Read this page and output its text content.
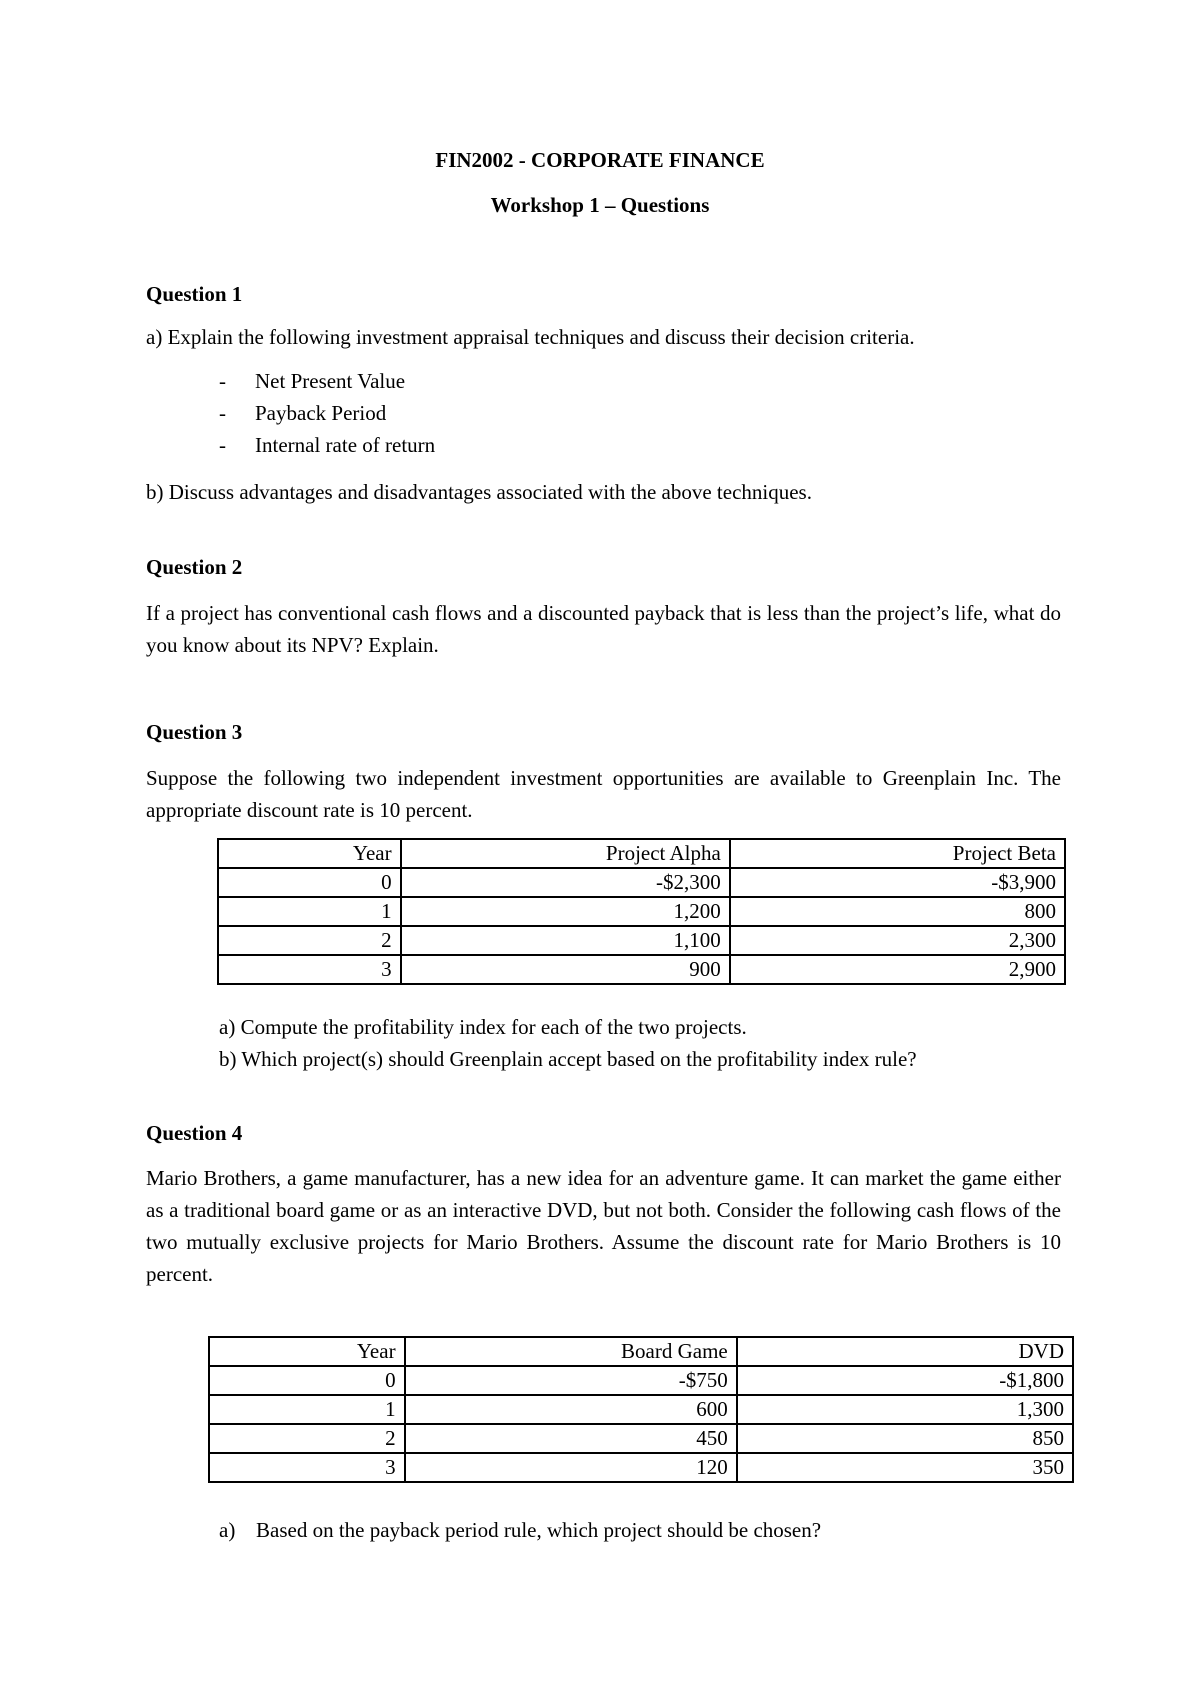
FIN2002 - CORPORATE FINANCE
Workshop 1 – Questions
Question 1
a) Explain the following investment appraisal techniques and discuss their decision criteria.
- Net Present Value
- Payback Period
- Internal rate of return
b) Discuss advantages and disadvantages associated with the above techniques.
Question 2
If a project has conventional cash flows and a discounted payback that is less than the project’s life, what do you know about its NPV? Explain.
Question 3
Suppose the following two independent investment opportunities are available to Greenplain Inc. The appropriate discount rate is 10 percent.
Year	Project Alpha	Project Beta
0	-$2,300	-$3,900
1	1,200	800
2	1,100	2,300
3	900	2,900
a) Compute the profitability index for each of the two projects.
b) Which project(s) should Greenplain accept based on the profitability index rule?
Question 4
Mario Brothers, a game manufacturer, has a new idea for an adventure game. It can market the game either as a traditional board game or as an interactive DVD, but not both. Consider the following cash flows of the two mutually exclusive projects for Mario Brothers. Assume the discount rate for Mario Brothers is 10 percent.
Year	Board Game	DVD
0	-$750	-$1,800
1	600	1,300
2	450	850
3	120	350
a) Based on the payback period rule, which project should be chosen?
